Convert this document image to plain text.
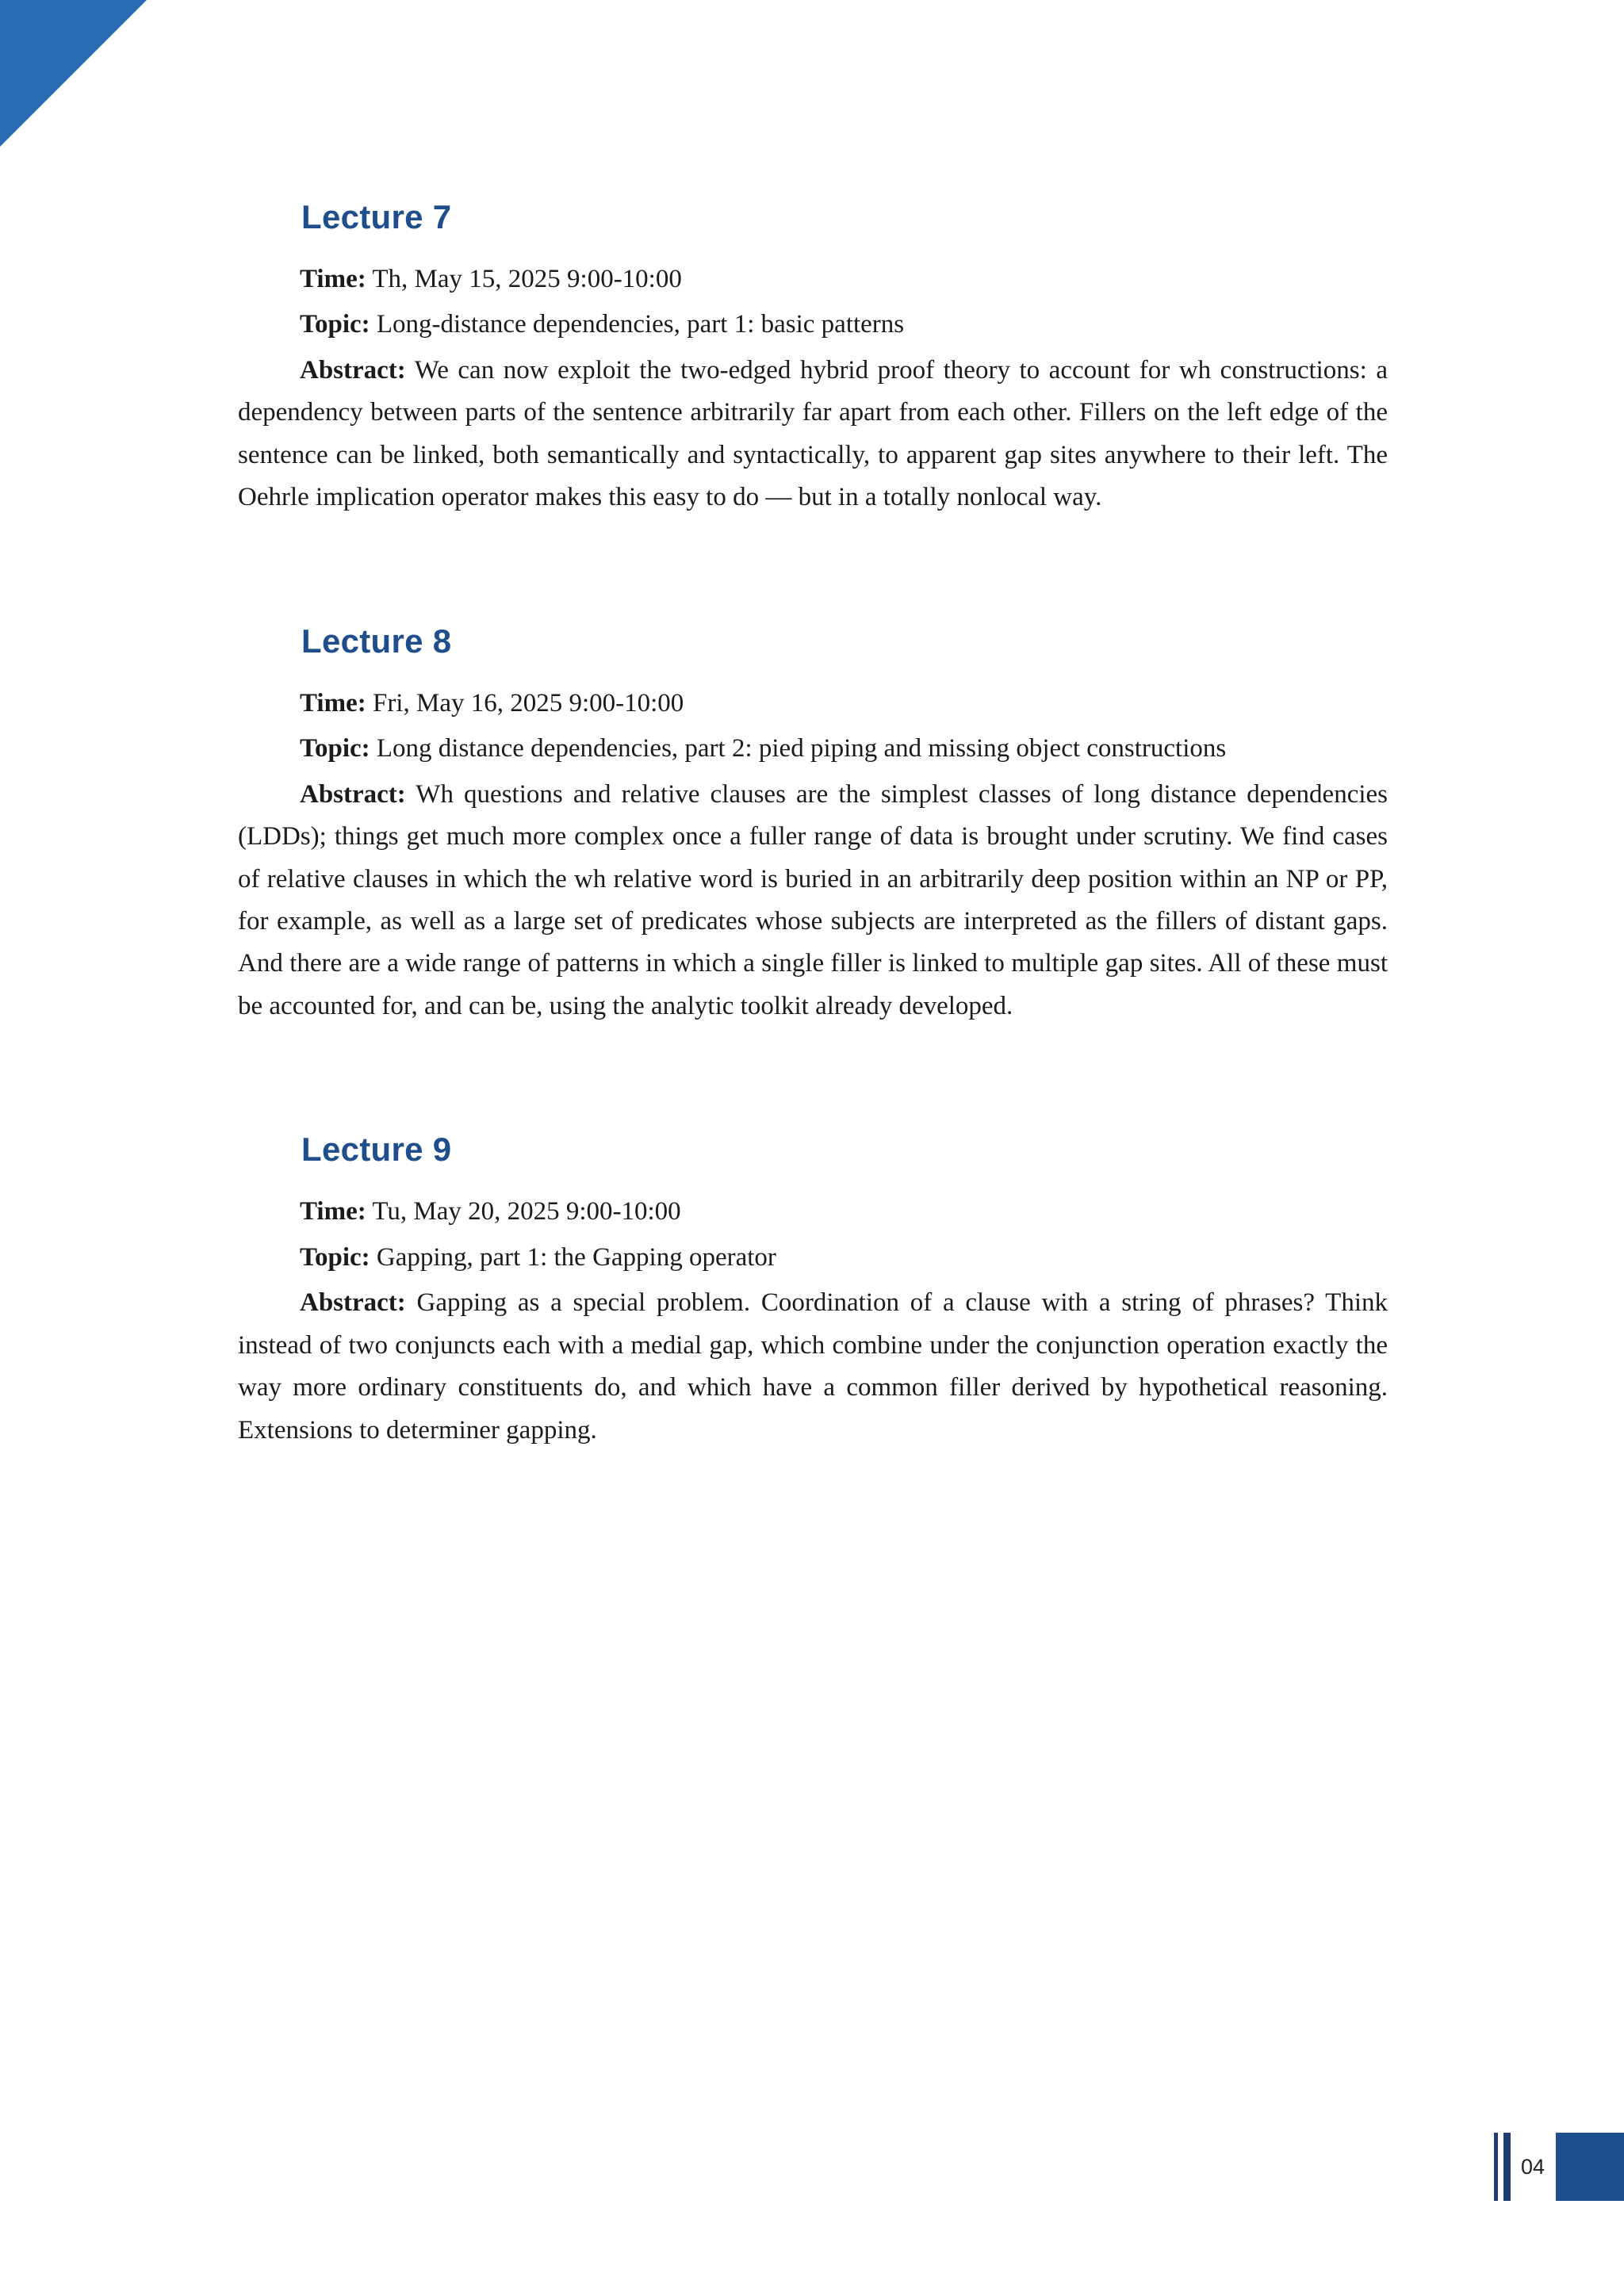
Lecture 7

Time: Th, May 15, 2025 9:00-10:00

Topic: Long-distance dependencies, part 1: basic patterns

Abstract: We can now exploit the two-edged hybrid proof theory to account for wh constructions: a dependency between parts of the sentence arbitrarily far apart from each other. Fillers on the left edge of the sentence can be linked, both semantically and syntactically, to apparent gap sites anywhere to their left. The Oehrle implication operator makes this easy to do — but in a totally nonlocal way.

Lecture 8

Time: Fri, May 16, 2025 9:00-10:00

Topic: Long distance dependencies, part 2: pied piping and missing object constructions

Abstract: Wh questions and relative clauses are the simplest classes of long distance dependencies (LDDs); things get much more complex once a fuller range of data is brought under scrutiny. We find cases of relative clauses in which the wh relative word is buried in an arbitrarily deep position within an NP or PP, for example, as well as a large set of predicates whose subjects are interpreted as the fillers of distant gaps. And there are a wide range of patterns in which a single filler is linked to multiple gap sites. All of these must be accounted for, and can be, using the analytic toolkit already developed.

Lecture 9

Time: Tu, May 20, 2025 9:00-10:00

Topic: Gapping, part 1: the Gapping operator

Abstract: Gapping as a special problem. Coordination of a clause with a string of phrases? Think instead of two conjuncts each with a medial gap, which combine under the conjunction operation exactly the way more ordinary constituents do, and which have a common filler derived by hypothetical reasoning. Extensions to determiner gapping.

04
